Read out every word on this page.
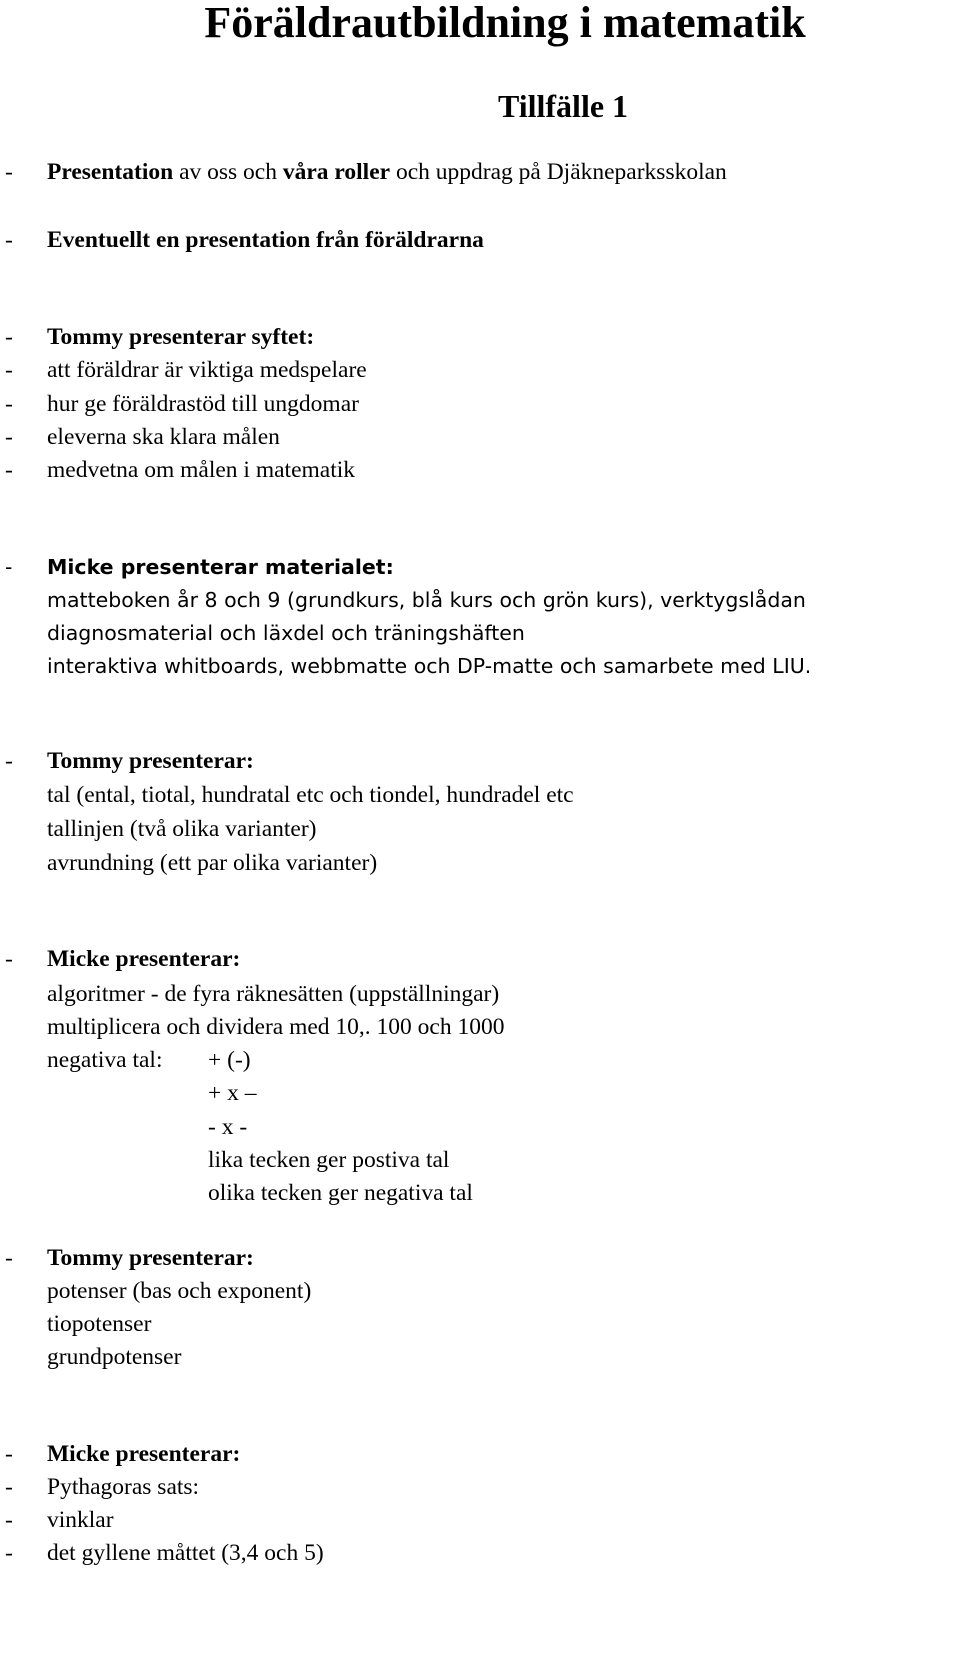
Föräldrautbildning i matematik
Tillfälle 1
- Presentation av oss och våra roller och uppdrag på Djäkneparksskolan
- Eventuellt en presentation från föräldrarna
- Tommy presenterar syftet:
- att föräldrar är viktiga medspelare
- hur ge föräldrastöd till ungdomar
- eleverna ska klara målen
- medvetna om målen i matematik
- Micke presenterar materialet:
matteboken år 8 och 9 (grundkurs, blå kurs och grön kurs), verktygslådan
diagnosmaterial och läxdel och träningshäften
interaktiva whitboards, webbmatte och DP-matte och samarbete med LIU.
- Tommy presenterar:
tal (ental, tiotal, hundratal etc och tiondel, hundradel etc
tallinjen (två olika varianter)
avrundning (ett par olika varianter)
- Micke presenterar:
algoritmer - de fyra räknesätten (uppställningar)
multiplicera och dividera med 10,. 100 och 1000
negativa tal: + (-)
+ x –
- x -
lika tecken ger postiva tal
olika tecken ger negativa tal
- Tommy presenterar:
potenser (bas och exponent)
tiopotenser
grundpotenser
- Micke presenterar:
- Pythagoras sats:
- vinklar
- det gyllene måttet (3,4 och 5)
